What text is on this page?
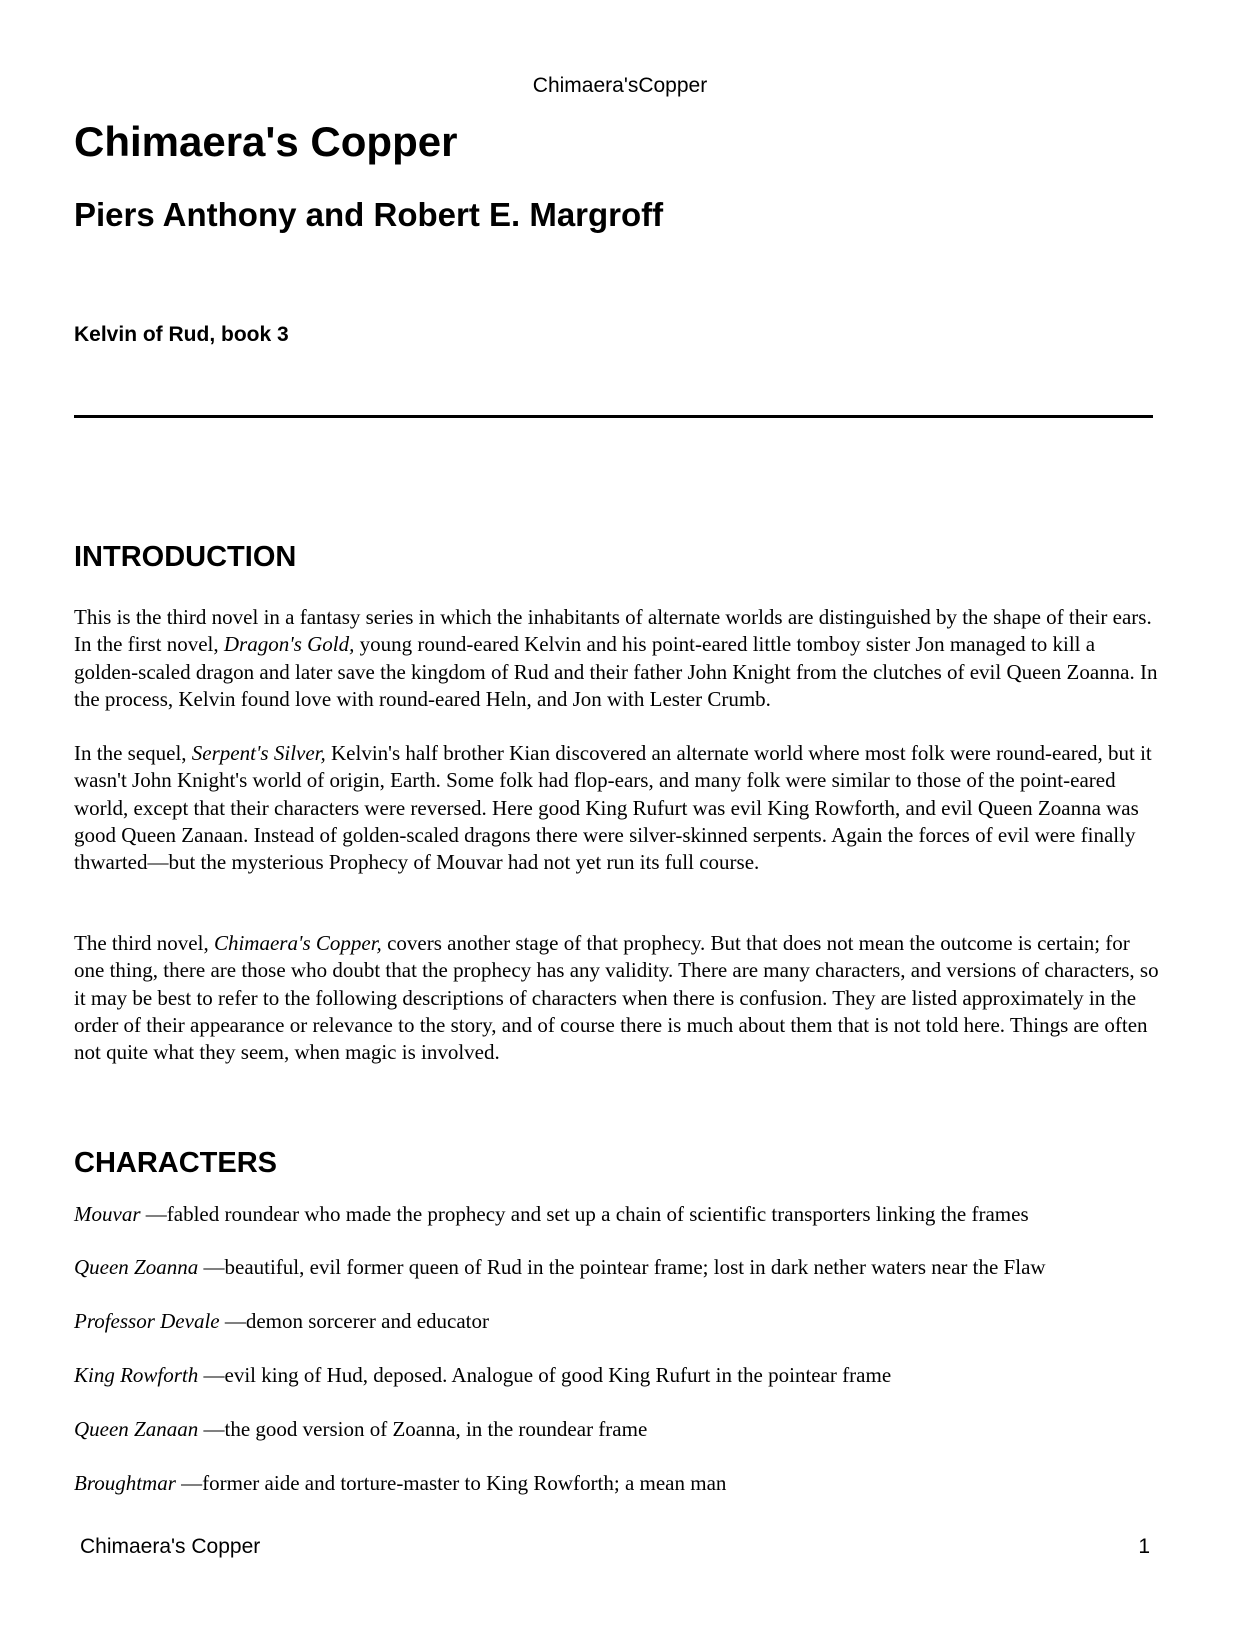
Chimaera'sCopper
Chimaera's Copper
Piers Anthony and Robert E. Margroff
Kelvin of Rud, book 3
INTRODUCTION

This is the third novel in a fantasy series in which the inhabitants of alternate worlds are distinguished by the shape of their ears. In the first novel, Dragon's Gold, young round-eared Kelvin and his point-eared little tomboy sister Jon managed to kill a golden-scaled dragon and later save the kingdom of Rud and their father John Knight from the clutches of evil Queen Zoanna. In the process, Kelvin found love with round-eared Heln, and Jon with Lester Crumb.

In the sequel, Serpent's Silver, Kelvin's half brother Kian discovered an alternate world where most folk were round-eared, but it wasn't John Knight's world of origin, Earth. Some folk had flop-ears, and many folk were similar to those of the point-eared world, except that their characters were reversed. Here good King Rufurt was evil King Rowforth, and evil Queen Zoanna was good Queen Zanaan. Instead of golden-scaled dragons there were silver-skinned serpents. Again the forces of evil were finally thwarted—but the mysterious Prophecy of Mouvar had not yet run its full course.

The third novel, Chimaera's Copper, covers another stage of that prophecy. But that does not mean the outcome is certain; for one thing, there are those who doubt that the prophecy has any validity. There are many characters, and versions of characters, so it may be best to refer to the following descriptions of characters when there is confusion. They are listed approximately in the order of their appearance or relevance to the story, and of course there is much about them that is not told here. Things are often not quite what they seem, when magic is involved.

CHARACTERS

Mouvar —fabled roundear who made the prophecy and set up a chain of scientific transporters linking the frames

Queen Zoanna —beautiful, evil former queen of Rud in the pointear frame; lost in dark nether waters near the Flaw

Professor Devale —demon sorcerer and educator

King Rowforth —evil king of Hud, deposed. Analogue of good King Rufurt in the pointear frame

Queen Zanaan —the good version of Zoanna, in the roundear frame

Broughtmar —former aide and torture-master to King Rowforth; a mean man

Chimaera's Copper	1
